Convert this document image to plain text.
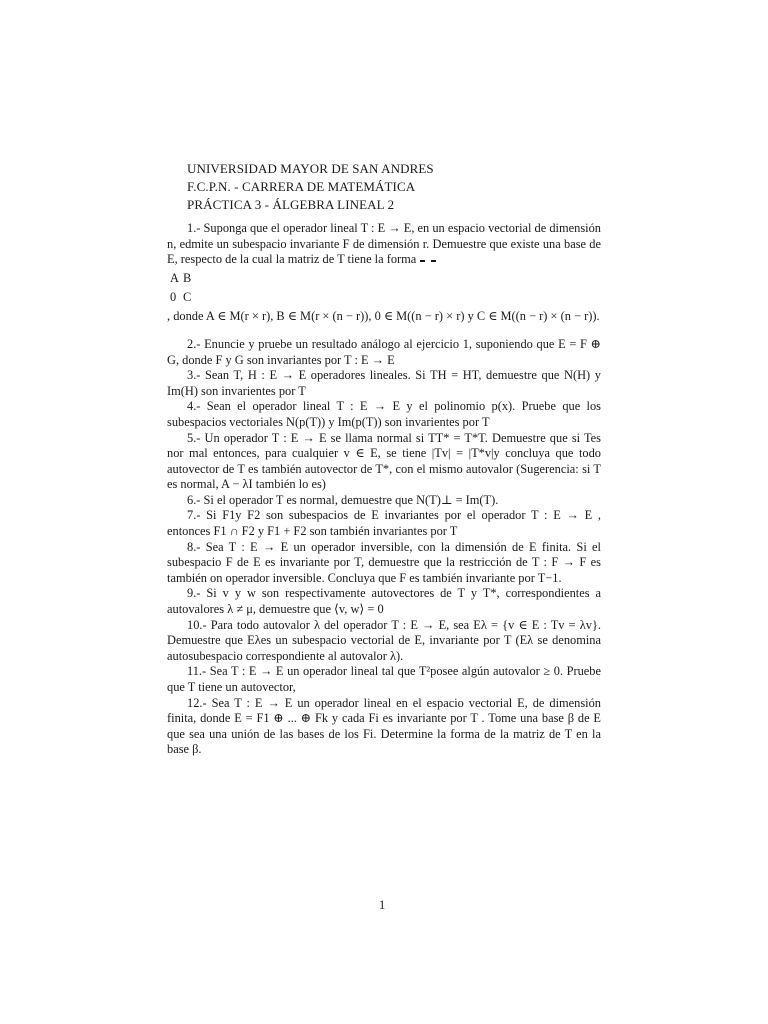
UNIVERSIDAD MAYOR DE SAN ANDRES
F.C.P.N. - CARRERA DE MATEMÁTICA
PRÁCTICA 3 - ÁLGEBRA LINEAL 2

1.- Suponga que el operador lineal T : E → E, en un espacio vectorial de dimensión n, edmite un subespacio invariante F de dimensión r. Demuestre que existe una base de E, respecto de la cual la matriz de T tiene la forma

A	B
0	C
, donde A ∈ M(r × r), B ∈ M(r × (n − r)), 0 ∈ M((n − r) × r) y C ∈ M((n − r) × (n − r)).

2.- Enuncie y pruebe un resultado análogo al ejercicio 1, suponiendo que E = F ⊕ G, donde F y G son invariantes por T : E → E

3.- Sean T, H : E → E operadores lineales. Si TH = HT, demuestre que N(H) y Im(H) son invarientes por T

4.- Sean el operador lineal T : E → E y el polinomio p(x). Pruebe que los subespacios vectoriales N(p(T)) y Im(p(T)) son invarientes por T

5.- Un operador T : E → E se llama normal si TT* = T*T. Demuestre que si Tes nor mal entonces, para cualquier v ∈ E, se tiene |Tv| = |T*v|y concluya que todo autovector de T es también autovector de T*, con el mismo autovalor (Sugerencia: si T es normal, A − λI también lo es)

6.- Si el operador T es normal, demuestre que N(T)⊥ = Im(T).

7.- Si F1y F2 son subespacios de E invariantes por el operador T : E → E , entonces F1 ∩ F2 y F1 + F2 son también invariantes por T

8.- Sea T : E → E un operador inversible, con la dimensión de E finita. Si el subespacio F de E es invariante por T, demuestre que la restricción de T : F → F es también on operador inversible. Concluya que F es también invariante por T−1.

9.- Si v y w son respectivamente autovectores de T y T*, correspondientes a autovalores λ ≠ μ, demuestre que ⟨v, w⟩ = 0

10.- Para todo autovalor λ del operador T : E → E, sea Eλ = {v ∈ E : Tv = λv}. Demuestre que Eλes un subespacio vectorial de E, invariante por T (Eλ se denomina autosubespacio correspondiente al autovalor λ).

11.- Sea T : E → E un operador lineal tal que T²posee algún autovalor ≥ 0. Pruebe que T tiene un autovector,

12.- Sea T : E → E un operador lineal en el espacio vectorial E, de dimensión finita, donde E = F1 ⊕ ... ⊕ Fk y cada Fi es invariante por T . Tome una base β de E que sea una unión de las bases de los Fi. Determine la forma de la matriz de T en la base β.

1
